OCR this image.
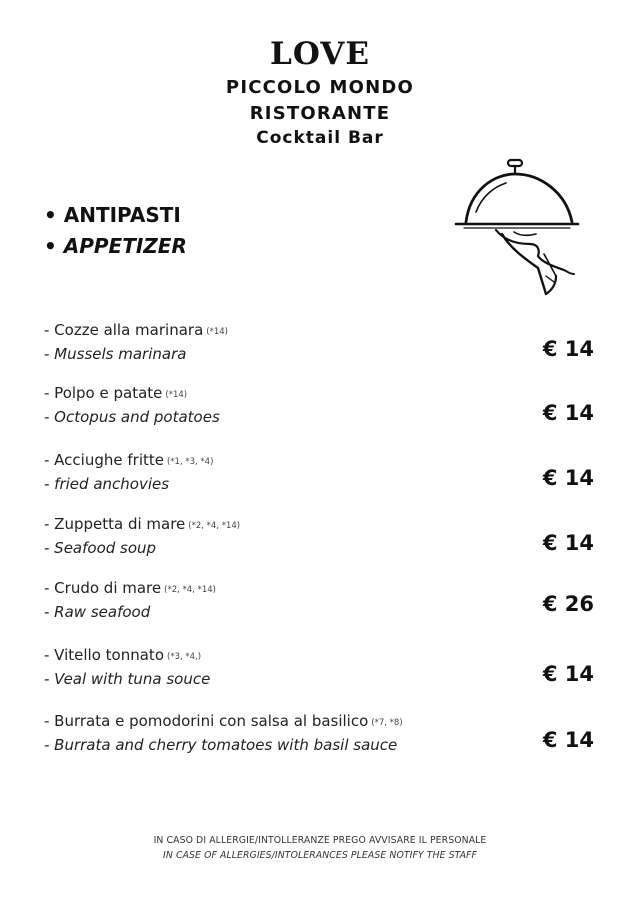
LOVE
PICCOLO MONDO
RISTORANTE
Cocktail Bar
• ANTIPASTI
• APPETIZER
- Cozze alla marinara (*14)
- Mussels marinara	€ 14
- Polpo e patate (*14)
- Octopus and potatoes	€ 14
- Acciughe fritte (*1, *3, *4)
- fried anchovies	€ 14
- Zuppetta di mare (*2, *4, *14)
- Seafood soup	€ 14
- Crudo di mare (*2, *4, *14)
- Raw seafood	€ 26
- Vitello tonnato (*3, *4,)
- Veal with tuna souce	€ 14
- Burrata e pomodorini con salsa al basilico (*7, *8)
- Burrata and cherry tomatoes with basil sauce	€ 14
IN CASO DI ALLERGIE/INTOLLERANZE PREGO AVVISARE IL PERSONALE
IN CASE OF ALLERGIES/INTOLERANCES PLEASE NOTIFY THE STAFF
